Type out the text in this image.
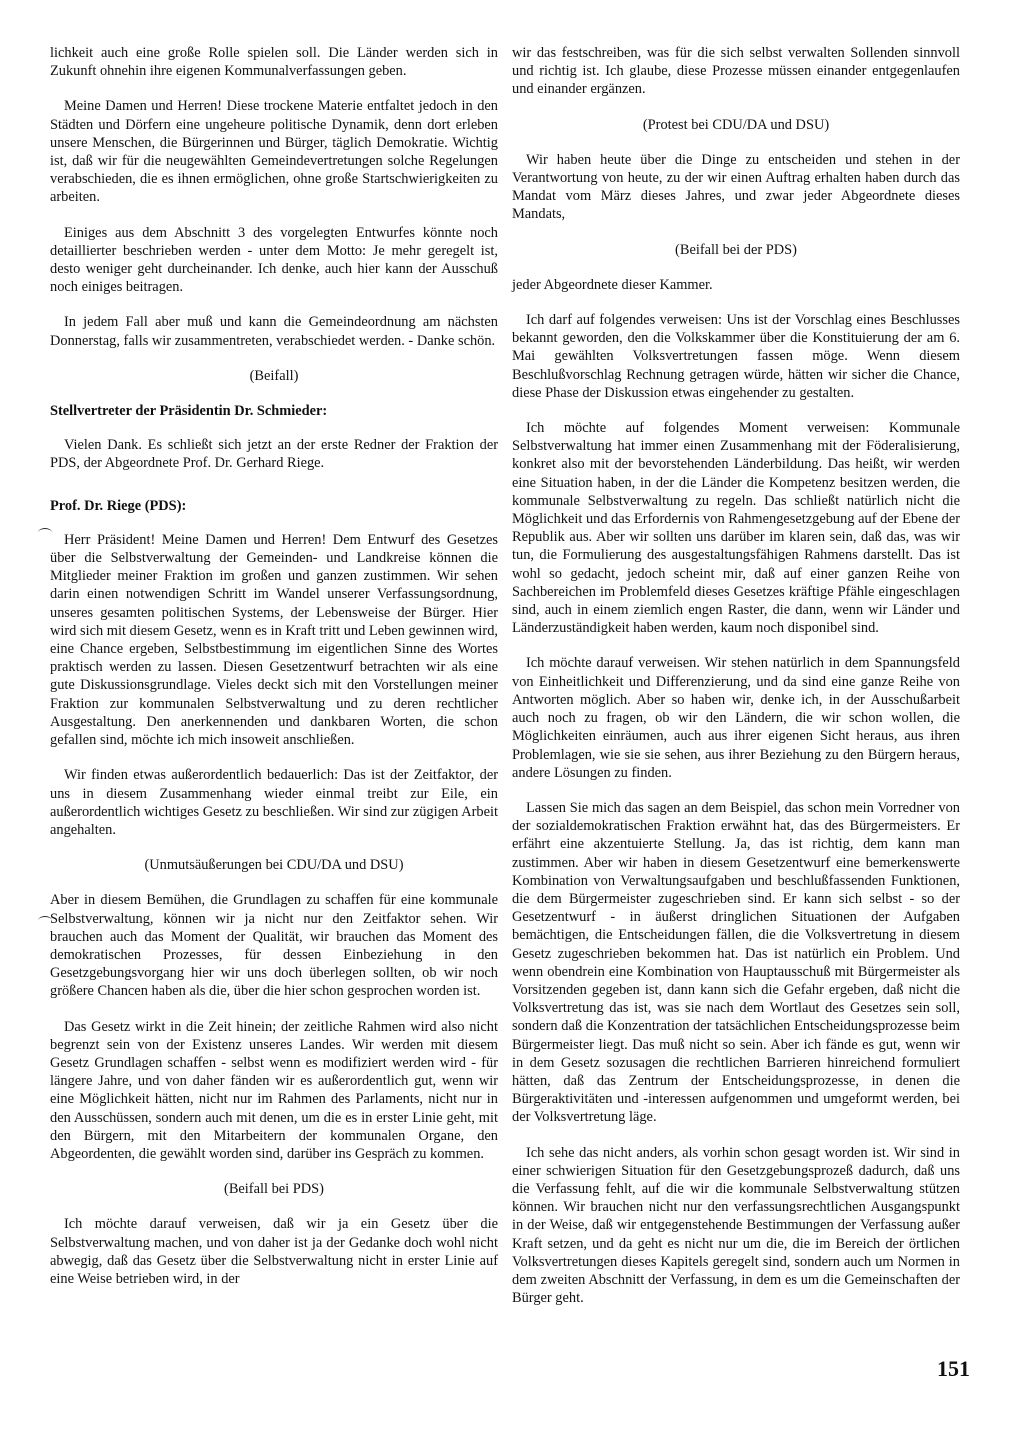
lichkeit auch eine große Rolle spielen soll. Die Länder werden sich in Zukunft ohnehin ihre eigenen Kommunalverfassungen geben.

Meine Damen und Herren! Diese trockene Materie entfaltet jedoch in den Städten und Dörfern eine ungeheure politische Dynamik, denn dort erleben unsere Menschen, die Bürgerinnen und Bürger, täglich Demokratie. Wichtig ist, daß wir für die neugewählten Gemeindevertretungen solche Regelungen verabschieden, die es ihnen ermöglichen, ohne große Startschwierigkeiten zu arbeiten.

Einiges aus dem Abschnitt 3 des vorgelegten Entwurfes könnte noch detaillierter beschrieben werden - unter dem Motto: Je mehr geregelt ist, desto weniger geht durcheinander. Ich denke, auch hier kann der Ausschuß noch einiges beitragen.

In jedem Fall aber muß und kann die Gemeindeordnung am nächsten Donnerstag, falls wir zusammentreten, verabschiedet werden. - Danke schön.

(Beifall)

Stellvertreter der Präsidentin Dr. Schmieder:

Vielen Dank. Es schließt sich jetzt an der erste Redner der Fraktion der PDS, der Abgeordnete Prof. Dr. Gerhard Riege.

Prof. Dr. Riege (PDS):

Herr Präsident! Meine Damen und Herren! Dem Entwurf des Gesetzes über die Selbstverwaltung der Gemeinden- und Landkreise können die Mitglieder meiner Fraktion im großen und ganzen zustimmen. Wir sehen darin einen notwendigen Schritt im Wandel unserer Verfassungsordnung, unseres gesamten politischen Systems, der Lebensweise der Bürger. Hier wird sich mit diesem Gesetz, wenn es in Kraft tritt und Leben gewinnen wird, eine Chance ergeben, Selbstbestimmung im eigentlichen Sinne des Wortes praktisch werden zu lassen. Diesen Gesetzentwurf betrachten wir als eine gute Diskussionsgrundlage. Vieles deckt sich mit den Vorstellungen meiner Fraktion zur kommunalen Selbstverwaltung und zu deren rechtlicher Ausgestaltung. Den anerkennenden und dankbaren Worten, die schon gefallen sind, möchte ich mich insoweit anschließen.

Wir finden etwas außerordentlich bedauerlich: Das ist der Zeitfaktor, der uns in diesem Zusammenhang wieder einmal treibt zur Eile, ein außerordentlich wichtiges Gesetz zu beschließen. Wir sind zur zügigen Arbeit angehalten.

(Unmutsäußerungen bei CDU/DA und DSU)

Aber in diesem Bemühen, die Grundlagen zu schaffen für eine kommunale Selbstverwaltung, können wir ja nicht nur den Zeitfaktor sehen. Wir brauchen auch das Moment der Qualität, wir brauchen das Moment des demokratischen Prozesses, für dessen Einbeziehung in den Gesetzgebungsvorgang hier wir uns doch überlegen sollten, ob wir noch größere Chancen haben als die, über die hier schon gesprochen worden ist.

Das Gesetz wirkt in die Zeit hinein; der zeitliche Rahmen wird also nicht begrenzt sein von der Existenz unseres Landes. Wir werden mit diesem Gesetz Grundlagen schaffen - selbst wenn es modifiziert werden wird - für längere Jahre, und von daher fänden wir es außerordentlich gut, wenn wir eine Möglichkeit hätten, nicht nur im Rahmen des Parlaments, nicht nur in den Ausschüssen, sondern auch mit denen, um die es in erster Linie geht, mit den Bürgern, mit den Mitarbeitern der kommunalen Organe, den Abgeordenten, die gewählt worden sind, darüber ins Gespräch zu kommen.

(Beifall bei PDS)

Ich möchte darauf verweisen, daß wir ja ein Gesetz über die Selbstverwaltung machen, und von daher ist ja der Gedanke doch wohl nicht abwegig, daß das Gesetz über die Selbstverwaltung nicht in erster Linie auf eine Weise betrieben wird, in der

wir das festschreiben, was für die sich selbst verwalten Sollenden sinnvoll und richtig ist. Ich glaube, diese Prozesse müssen einander entgegenlaufen und einander ergänzen.

(Protest bei CDU/DA und DSU)

Wir haben heute über die Dinge zu entscheiden und stehen in der Verantwortung von heute, zu der wir einen Auftrag erhalten haben durch das Mandat vom März dieses Jahres, und zwar jeder Abgeordnete dieses Mandats,

(Beifall bei der PDS)

jeder Abgeordnete dieser Kammer.

Ich darf auf folgendes verweisen: Uns ist der Vorschlag eines Beschlusses bekannt geworden, den die Volkskammer über die Konstituierung der am 6. Mai gewählten Volksvertretungen fassen möge. Wenn diesem Beschlußvorschlag Rechnung getragen würde, hätten wir sicher die Chance, diese Phase der Diskussion etwas eingehender zu gestalten.

Ich möchte auf folgendes Moment verweisen: Kommunale Selbstverwaltung hat immer einen Zusammenhang mit der Föderalisierung, konkret also mit der bevorstehenden Länderbildung. Das heißt, wir werden eine Situation haben, in der die Länder die Kompetenz besitzen werden, die kommunale Selbstverwaltung zu regeln. Das schließt natürlich nicht die Möglichkeit und das Erfordernis von Rahmengesetzgebung auf der Ebene der Republik aus. Aber wir sollten uns darüber im klaren sein, daß das, was wir tun, die Formulierung des ausgestaltungsfähigen Rahmens darstellt. Das ist wohl so gedacht, jedoch scheint mir, daß auf einer ganzen Reihe von Sachbereichen im Problemfeld dieses Gesetzes kräftige Pfähle eingeschlagen sind, auch in einem ziemlich engen Raster, die dann, wenn wir Länder und Länderzuständigkeit haben werden, kaum noch disponibel sind.

Ich möchte darauf verweisen. Wir stehen natürlich in dem Spannungsfeld von Einheitlichkeit und Differenzierung, und da sind eine ganze Reihe von Antworten möglich. Aber so haben wir, denke ich, in der Ausschußarbeit auch noch zu fragen, ob wir den Ländern, die wir schon wollen, die Möglichkeiten einräumen, auch aus ihrer eigenen Sicht heraus, aus ihren Problemlagen, wie sie sie sehen, aus ihrer Beziehung zu den Bürgern heraus, andere Lösungen zu finden.

Lassen Sie mich das sagen an dem Beispiel, das schon mein Vorredner von der sozialdemokratischen Fraktion erwähnt hat, das des Bürgermeisters. Er erfährt eine akzentuierte Stellung. Ja, das ist richtig, dem kann man zustimmen. Aber wir haben in diesem Gesetzentwurf eine bemerkenswerte Kombination von Verwaltungsaufgaben und beschlußfassenden Funktionen, die dem Bürgermeister zugeschrieben sind. Er kann sich selbst - so der Gesetzentwurf - in äußerst dringlichen Situationen der Aufgaben bemächtigen, die Entscheidungen fällen, die die Volksvertretung in diesem Gesetz zugeschrieben bekommen hat. Das ist natürlich ein Problem. Und wenn obendrein eine Kombination von Hauptausschuß mit Bürgermeister als Vorsitzenden gegeben ist, dann kann sich die Gefahr ergeben, daß nicht die Volksvertretung das ist, was sie nach dem Wortlaut des Gesetzes sein soll, sondern daß die Konzentration der tatsächlichen Entscheidungsprozesse beim Bürgermeister liegt. Das muß nicht so sein. Aber ich fände es gut, wenn wir in dem Gesetz sozusagen die rechtlichen Barrieren hinreichend formuliert hätten, daß das Zentrum der Entscheidungsprozesse, in denen die Bürgeraktivitäten und -interessen aufgenommen und umgeformt werden, bei der Volksvertretung läge.

Ich sehe das nicht anders, als vorhin schon gesagt worden ist. Wir sind in einer schwierigen Situation für den Gesetzgebungsprozeß dadurch, daß uns die Verfassung fehlt, auf die wir die kommunale Selbstverwaltung stützen können. Wir brauchen nicht nur den verfassungsrechtlichen Ausgangspunkt in der Weise, daß wir entgegenstehende Bestimmungen der Verfassung außer Kraft setzen, und da geht es nicht nur um die, die im Bereich der örtlichen Volksvertretungen dieses Kapitels geregelt sind, sondern auch um Normen in dem zweiten Abschnitt der Verfassung, in dem es um die Gemeinschaften der Bürger geht.

151
